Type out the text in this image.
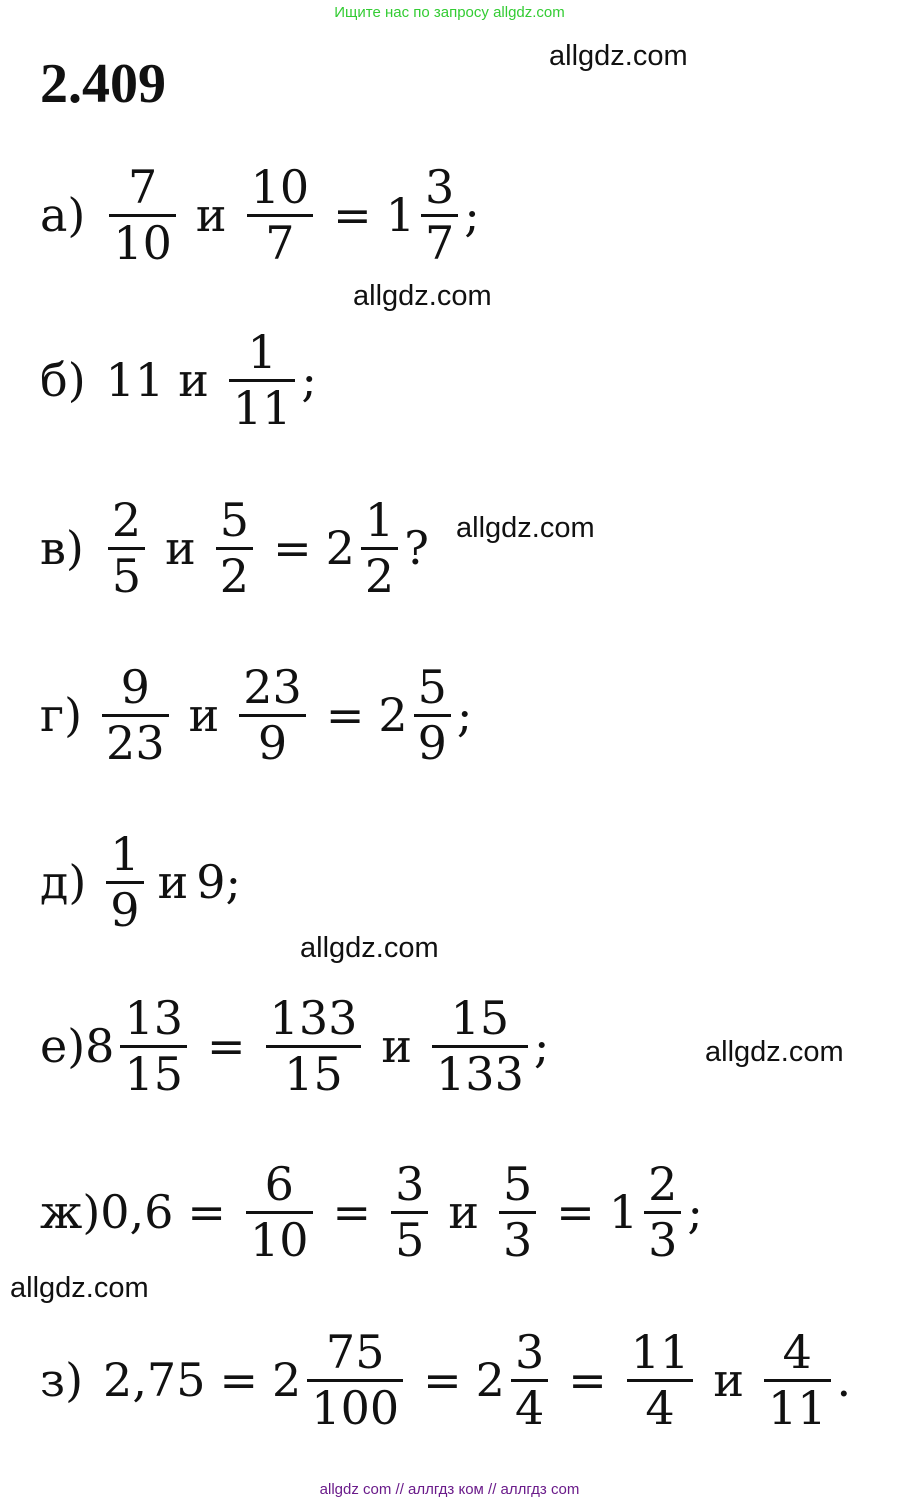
Ищите нас по запросу allgdz.com
2.409	allgdz.com
allgdz.com
allgdz.com
allgdz.com
allgdz.com
allgdz.com
$а) \frac{7}{10}$ и $\frac{10}{7} = 1 \frac{3}{7}$ ;
б) 11 и $\frac{1}{11}$ ;
$в) \frac{2}{5}$ и $\frac{5}{2} = 2 \frac{1}{2}$ ?
$г) \frac{9}{23}$ и $\frac{23}{9} = 2 \frac{5}{9}$ ;
$д) \frac{1}{9}$ и 9 ;
е) $8 \frac{13}{15} = \frac{133}{15}$ и $\frac{15}{133}$ ;
ж) $0,6 = \frac{6}{10} = \frac{3}{5}$ и $\frac{5}{3} = 1 \frac{2}{3}$ ;
з) $2,75 = 2 \frac{75}{100} = 2 \frac{3}{4} = \frac{11}{4}$ и $\frac{4}{11}$ .
allgdz com // аллгдз ком // аллгдз com
